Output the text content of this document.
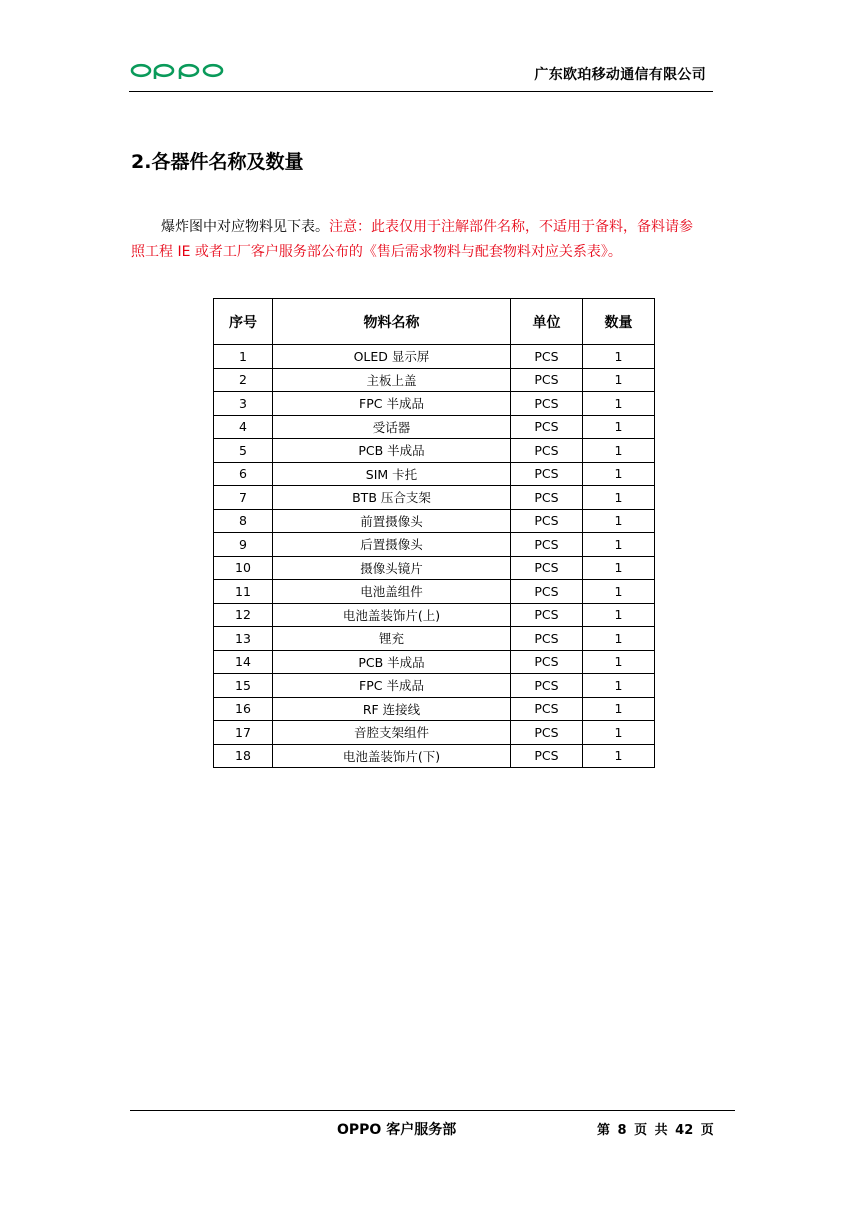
广东欧珀移动通信有限公司
2.各器件名称及数量
爆炸图中对应物料见下表。注意：此表仅用于注解部件名称，不适用于备料，备料请参
照工程 IE 或者工厂客户服务部公布的《售后需求物料与配套物料对应关系表》。
序号	物料名称	单位	数量
1	OLED 显示屏	PCS	1
2	主板上盖	PCS	1
3	FPC 半成品	PCS	1
4	受话器	PCS	1
5	PCB 半成品	PCS	1
6	SIM 卡托	PCS	1
7	BTB 压合支架	PCS	1
8	前置摄像头	PCS	1
9	后置摄像头	PCS	1
10	摄像头镜片	PCS	1
11	电池盖组件	PCS	1
12	电池盖装饰片(上)	PCS	1
13	锂充	PCS	1
14	PCB 半成品	PCS	1
15	FPC 半成品	PCS	1
16	RF 连接线	PCS	1
17	音腔支架组件	PCS	1
18	电池盖装饰片(下)	PCS	1
OPPO 客户服务部	第 8 页 共 42 页
